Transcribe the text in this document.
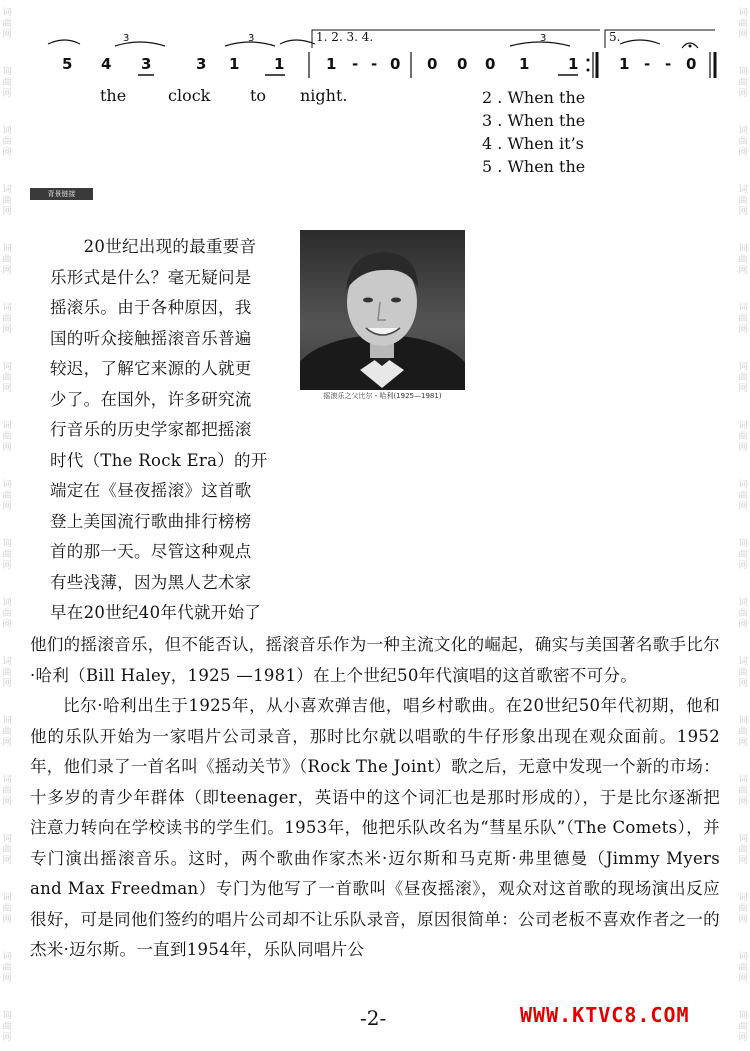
词
曲
网
词
曲
网
词
曲
网
词
曲
网
词
曲
网
词
曲
网
词
曲
网
词
曲
网
词
曲
网
词
曲
网
词
曲
网
词
曲
网
词
曲
网
词
曲
网
词
曲
网
词
曲
网
词
曲
网
词
曲
网
词
曲
网
词
曲
网
词
曲
网
词
曲
网
词
曲
网
词
曲
网
词
曲
网
词
曲
网
词
曲
网
词
曲
网
词
曲
网
词
曲
网
词
曲
网
词
曲
网
词
曲
网
词
曲
网
词
曲
网
词
曲
网
3	3	3
1. 2. 3. 4.	5.
5 4 3	3 1 1	1 - - 0 0 0 0 1	1	1 - - 0
the	clock to night.	2 . When the
3 . When the
4 . When it’s
5 . When the
背景链接
摇滚乐之父比尔・哈利(1925—1981)

　　20世纪出现的最重要音

乐形式是什么？毫无疑问是

摇滚乐。由于各种原因，我

国的听众接触摇滚音乐普遍

较迟，了解它来源的人就更

少了。在国外，许多研究流

行音乐的历史学家都把摇滚

时代（The Rock Era）的开

端定在《昼夜摇滚》这首歌

登上美国流行歌曲排行榜榜

首的那一天。尽管这种观点

有些浅薄，因为黑人艺术家

早在20世纪40年代就开始了

他们的摇滚音乐，但不能否认，摇滚音乐作为一种主流文化的崛起，确实与美国著名歌手比尔·哈利（Bill Haley，1925 —1981）在上个世纪50年代演唱的这首歌密不可分。

比尔·哈利出生于1925年，从小喜欢弹吉他，唱乡村歌曲。在20世纪50年代初期，他和他的乐队开始为一家唱片公司录音，那时比尔就以唱歌的牛仔形象出现在观众面前。1952年，他们录了一首名叫《摇动关节》（Rock The Joint）歌之后，无意中发现一个新的市场：十多岁的青少年群体（即teenager，英语中的这个词汇也是那时形成的），于是比尔逐渐把注意力转向在学校读书的学生们。1953年，他把乐队改名为“彗星乐队”（The Comets），并专门演出摇滚音乐。这时，两个歌曲作家杰米·迈尔斯和马克斯·弗里德曼（Jimmy Myers and Max Freedman）专门为他写了一首歌叫《昼夜摇滚》，观众对这首歌的现场演出反应很好，可是同他们签约的唱片公司却不让乐队录音，原因很简单：公司老板不喜欢作者之一的杰米·迈尔斯。一直到1954年，乐队同唱片公

-2-	WWW.KTVC8.COM
